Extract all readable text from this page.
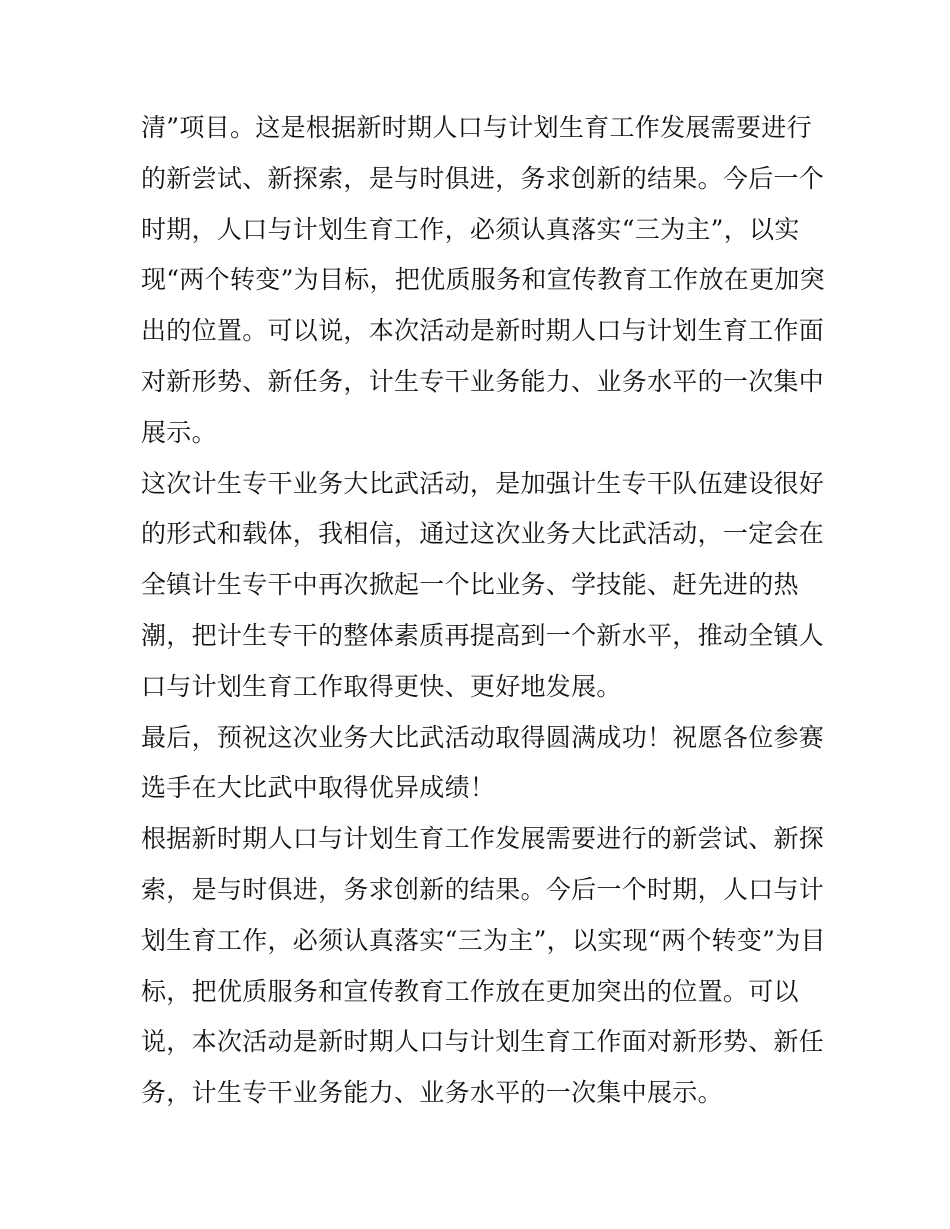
清”项目。这是根据新时期人口与计划生育工作发展需要进行
的新尝试、新探索，是与时俱进，务求创新的结果。今后一个
时期，人口与计划生育工作，必须认真落实“三为主”，以实
现“两个转变”为目标，把优质服务和宣传教育工作放在更加突
出的位置。可以说，本次活动是新时期人口与计划生育工作面
对新形势、新任务，计生专干业务能力、业务水平的一次集中
展示。

这次计生专干业务大比武活动，是加强计生专干队伍建设很好
的形式和载体，我相信，通过这次业务大比武活动，一定会在
全镇计生专干中再次掀起一个比业务、学技能、赶先进的热
潮，把计生专干的整体素质再提高到一个新水平，推动全镇人
口与计划生育工作取得更快、更好地发展。

最后，预祝这次业务大比武活动取得圆满成功！祝愿各位参赛
选手在大比武中取得优异成绩！

根据新时期人口与计划生育工作发展需要进行的新尝试、新探
索，是与时俱进，务求创新的结果。今后一个时期，人口与计
划生育工作，必须认真落实“三为主”，以实现“两个转变”为目
标，把优质服务和宣传教育工作放在更加突出的位置。可以
说，本次活动是新时期人口与计划生育工作面对新形势、新任
务，计生专干业务能力、业务水平的一次集中展示。
